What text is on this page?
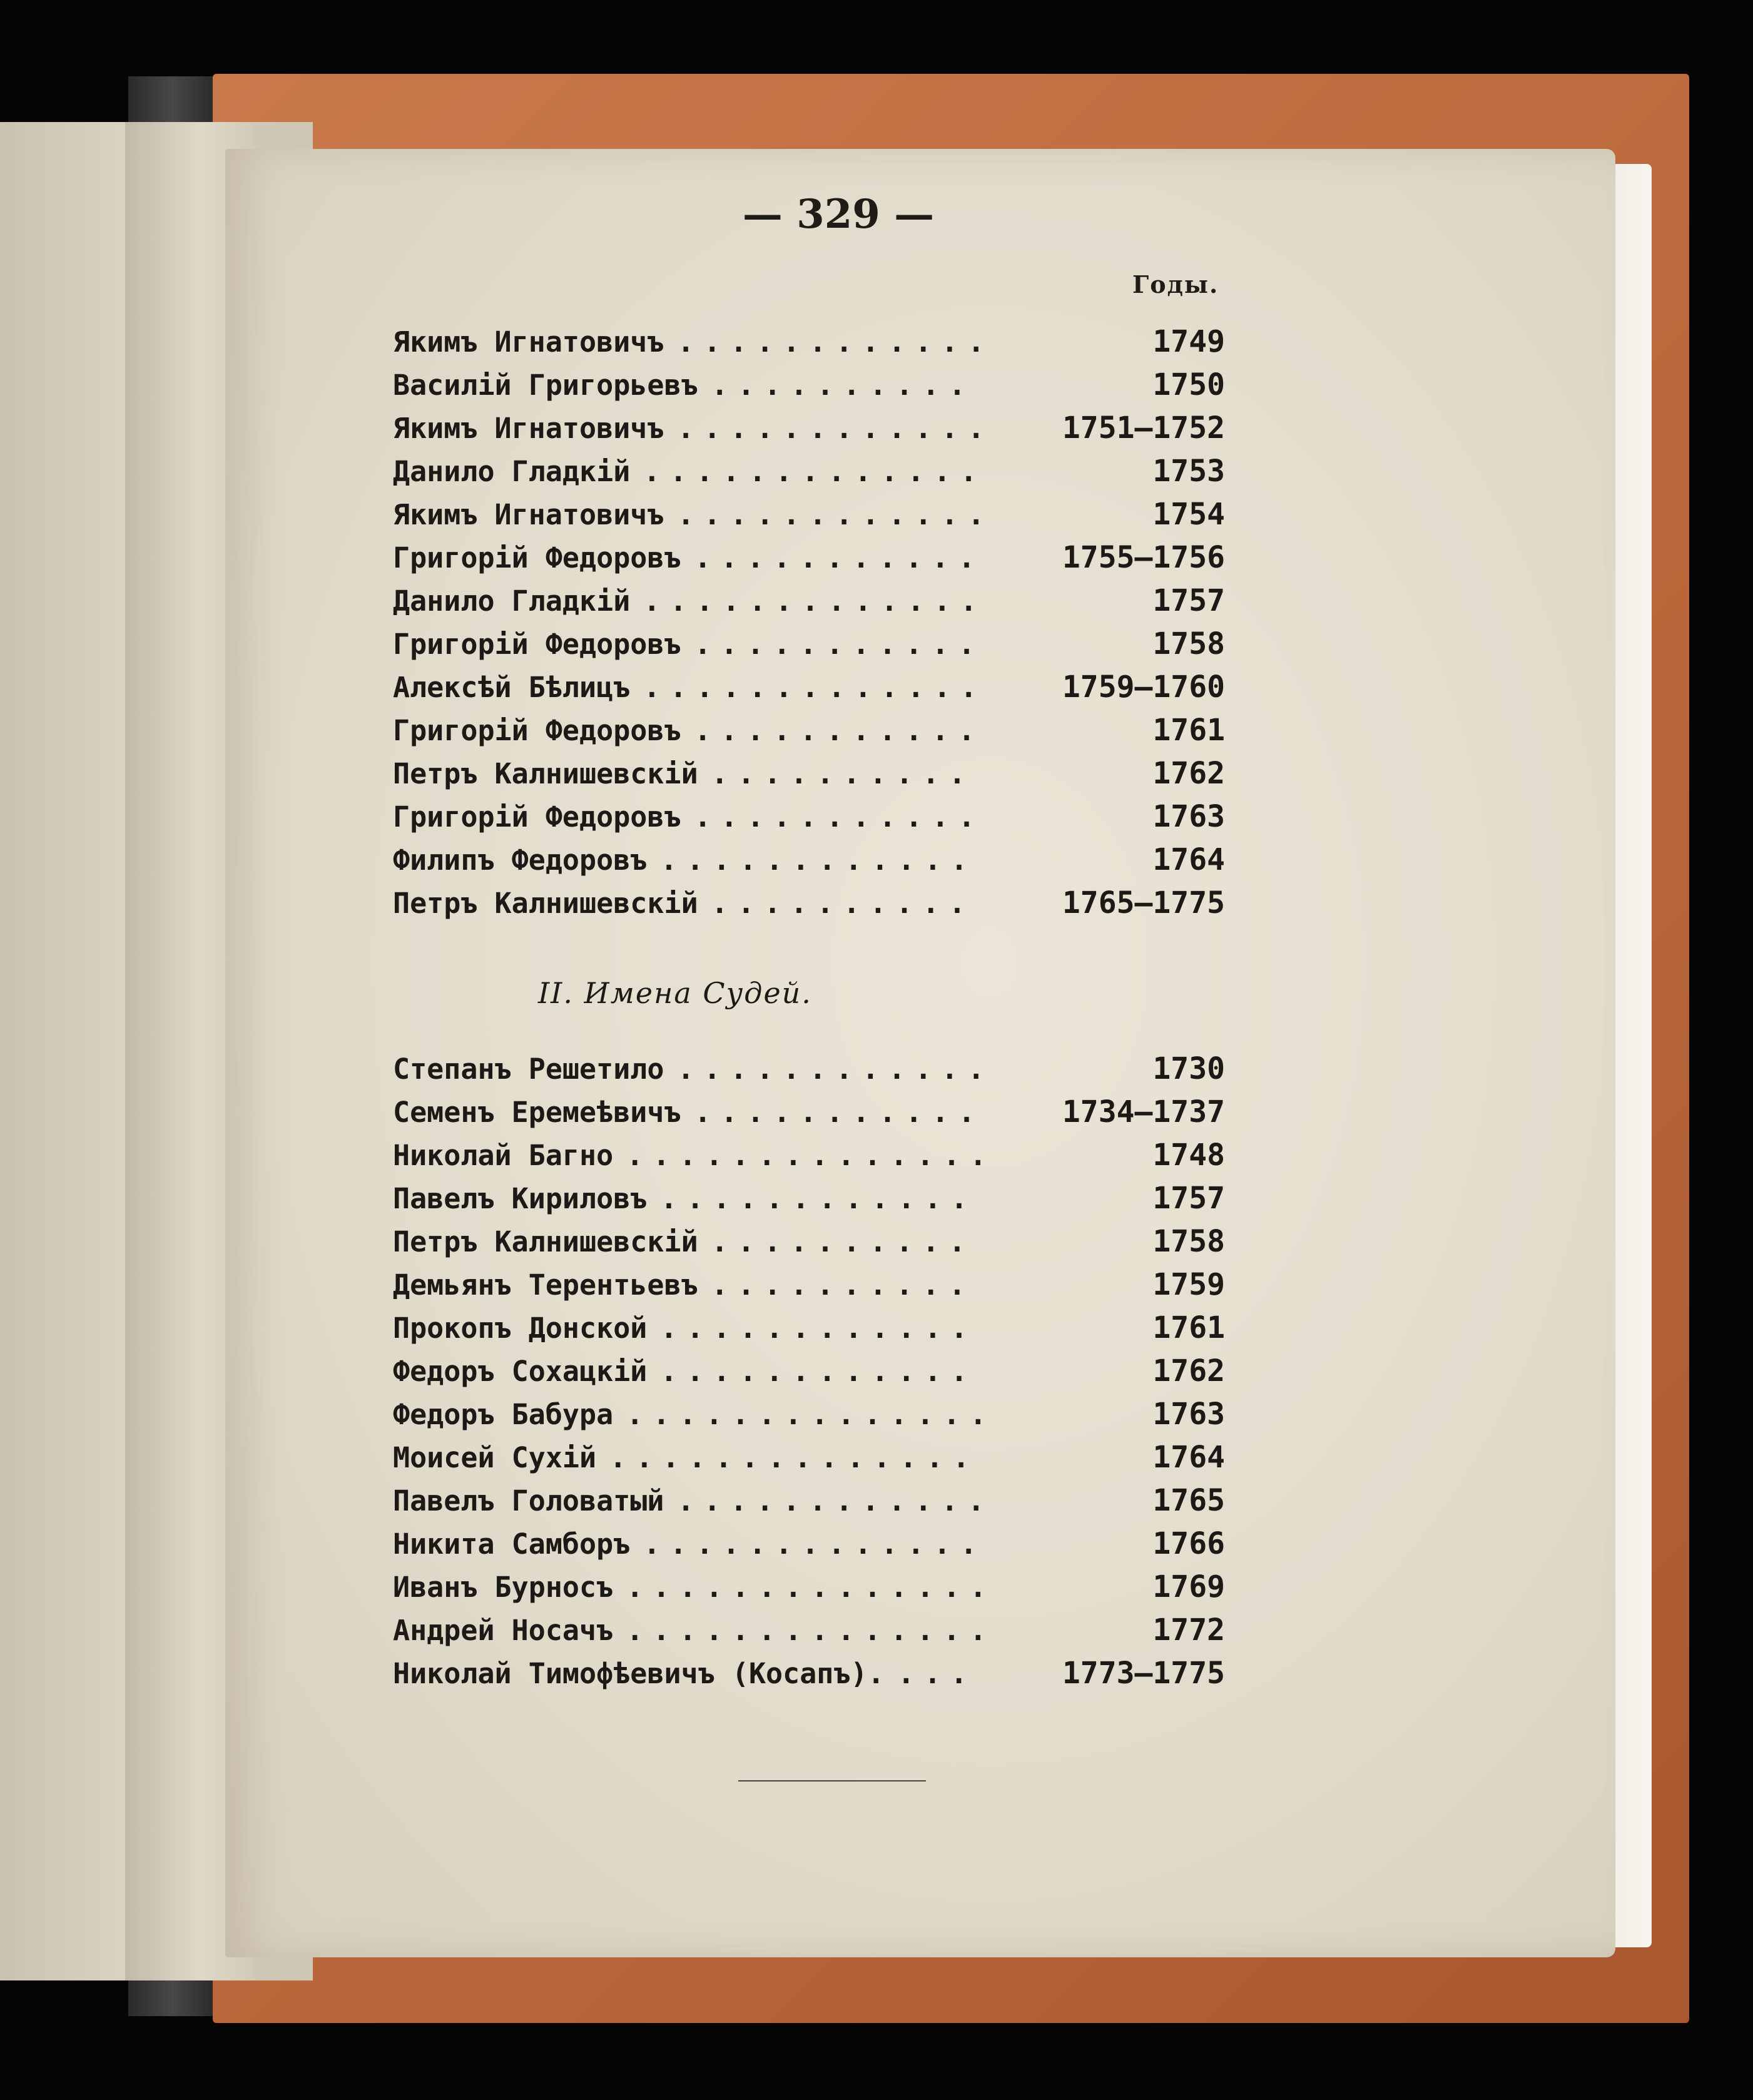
— 329 —
Годы.
Якимъ Игнатовичъ . . .	1749
Василій Григорьевъ . . .	1750
Якимъ Игнатовичъ . . .	1751—1752
Данило Гладкій . . .	1753
Якимъ Игнатовичъ . . .	1754
Григорій Федоровъ . . .	1755—1756
Данило Гладкій . . .	1757
Григорій Федоровъ . . .	1758
Алексѣй Бѣлицъ . . .	1759—1760
Григорій Федоровъ . . .	1761
Петръ Калнишевскій . . .	1762
Григорій Федоровъ . . .	1763
Филипъ Федоровъ . . .	1764
Петръ Калнишевскій . . .	1765—1775
II. Имена Судей.
Степанъ Решетило . . .	1730
Семенъ Еремеѣвичъ . . .	1734—1737
Николай Багно . . .	1748
Павелъ Кириловъ . . .	1757
Петръ Калнишевскій . . .	1758
Демьянъ Терентьевъ . . .	1759
Прокопъ Донской . . .	1761
Федоръ Сохацкій . . .	1762
Федоръ Бабура . . .	1763
Моисей Сухій . . .	1764
Павелъ Головатый . . .	1765
Никита Самборъ . . .	1766
Иванъ Бурносъ . . .	1769
Андрей Носачъ . . .	1772
Николай Тимофѣевичъ (Косапъ). . . .	1773—1775
